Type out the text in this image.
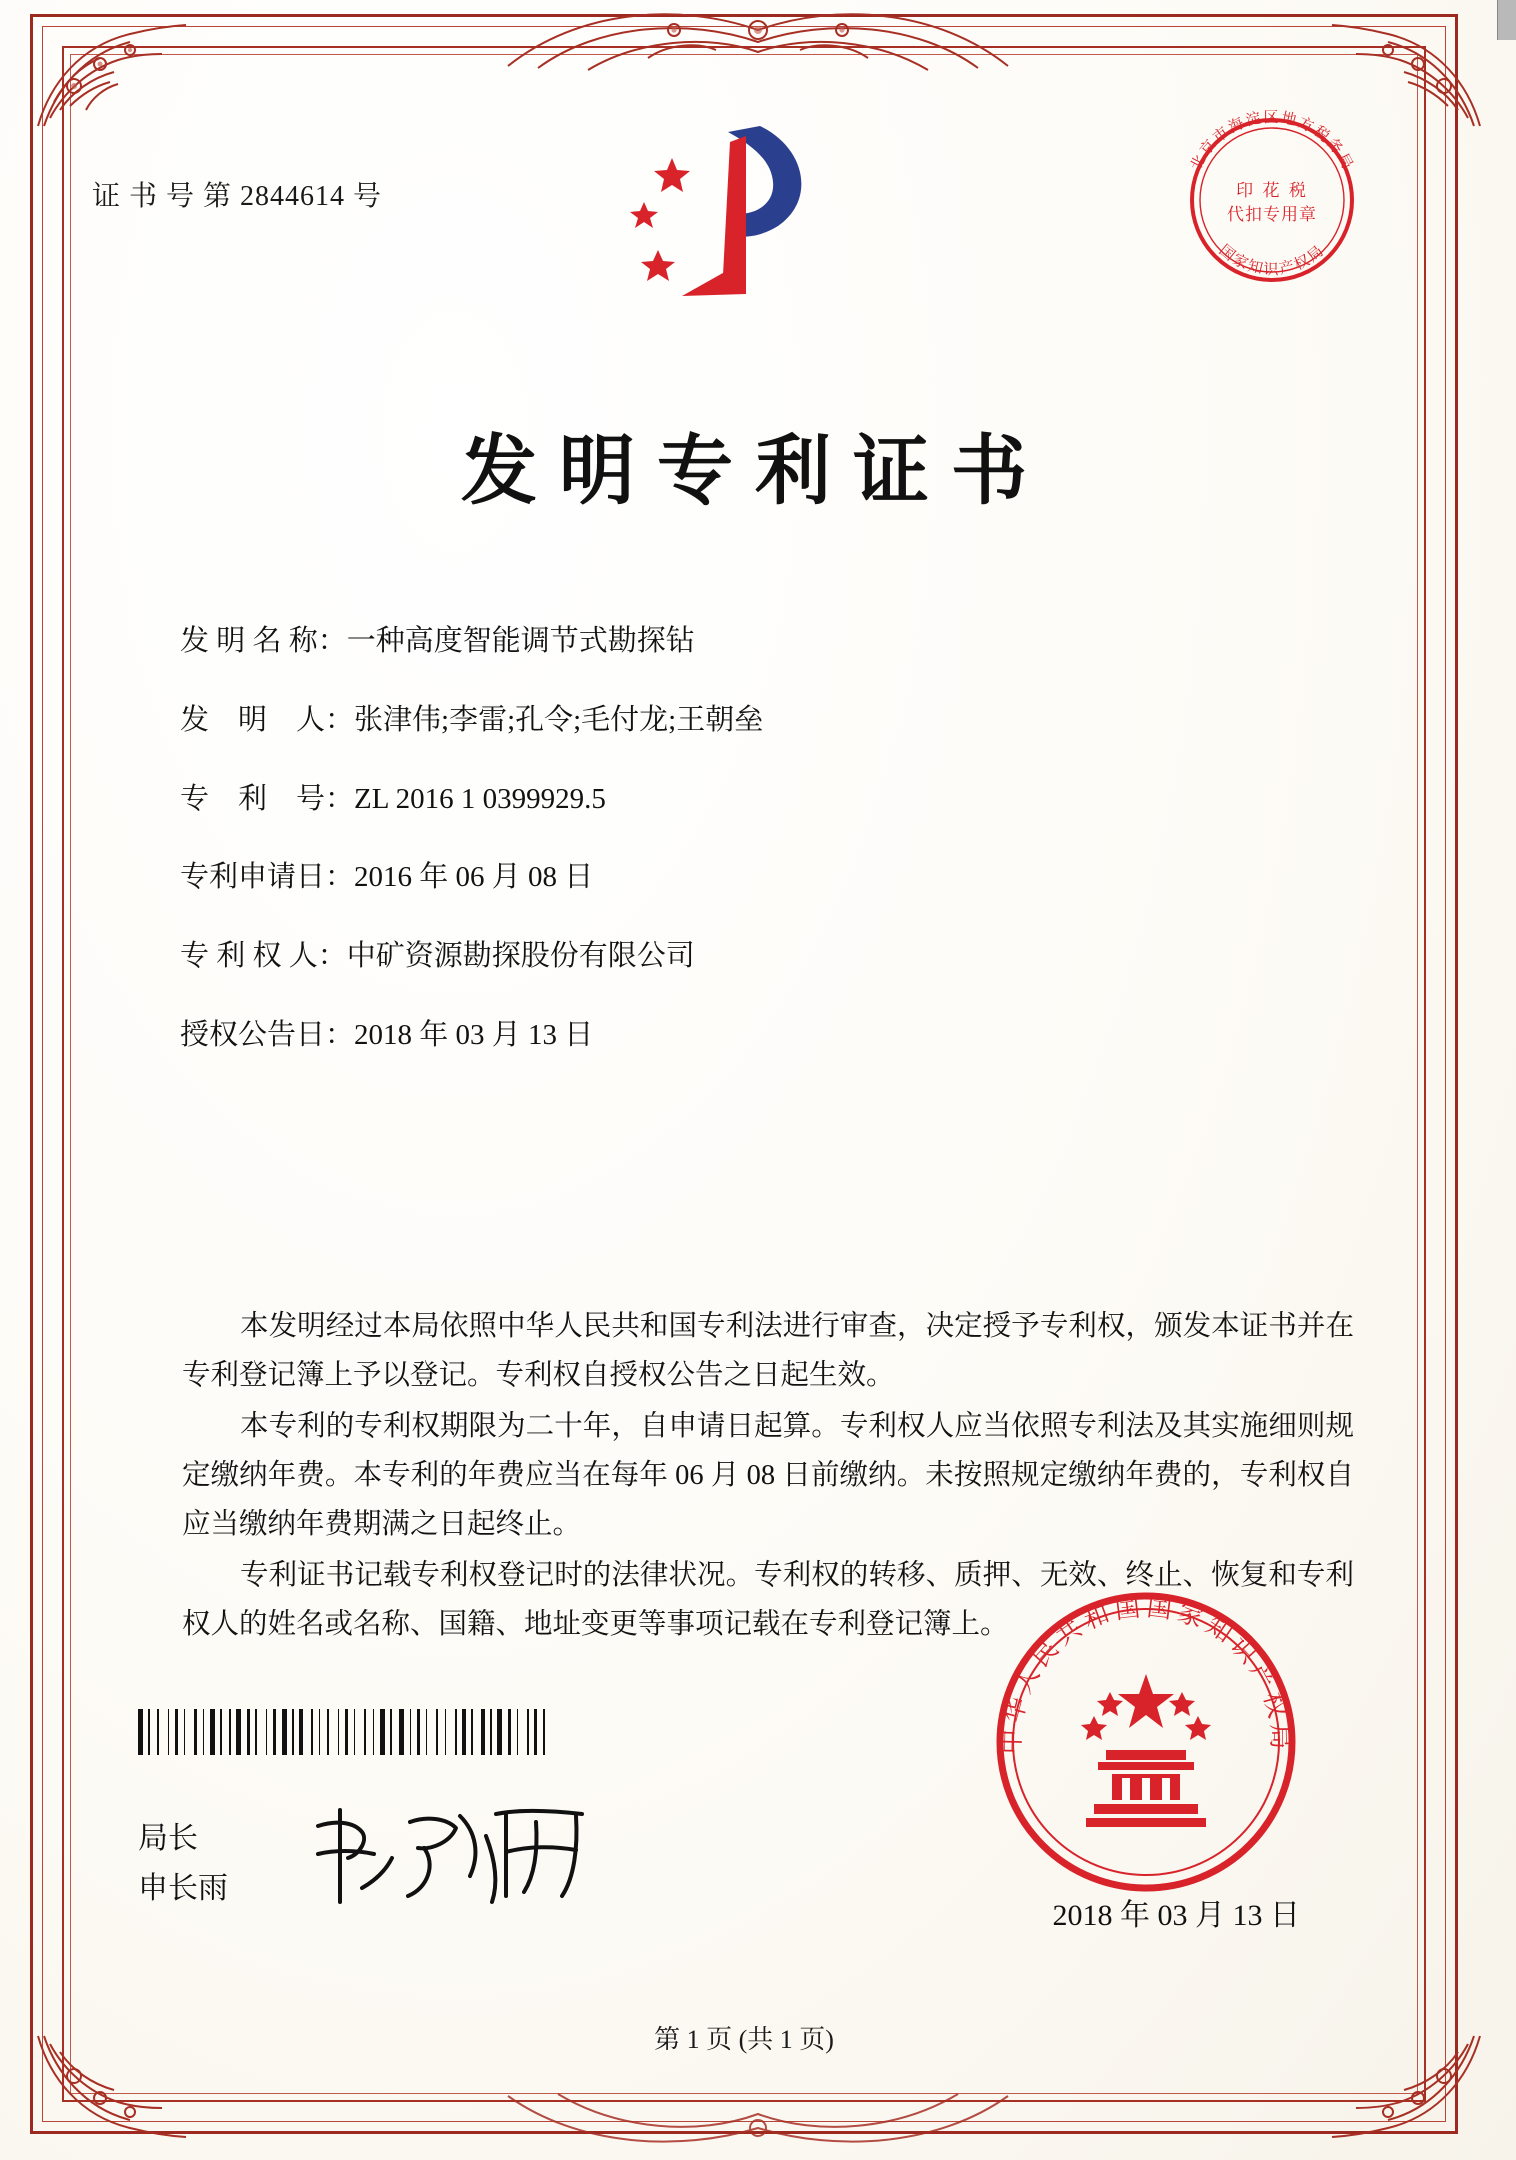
证 书 号 第 2844614 号
北京市海淀区地方税务局
国家知识产权局
印 花 税
代扣专用章
发明专利证书
发 明 名 称：一种高度智能调节式勘探钻
发　明　人：张津伟;李雷;孔令;毛付龙;王朝垒
专　利　号：ZL 2016 1 0399929.5
专利申请日：2016 年 06 月 08 日
专 利 权 人：中矿资源勘探股份有限公司
授权公告日：2018 年 03 月 13 日

本发明经过本局依照中华人民共和国专利法进行审查，决定授予专利权，颁发本证书并在专利登记簿上予以登记。专利权自授权公告之日起生效。

本专利的专利权期限为二十年，自申请日起算。专利权人应当依照专利法及其实施细则规定缴纳年费。本专利的年费应当在每年 06 月 08 日前缴纳。未按照规定缴纳年费的，专利权自应当缴纳年费期满之日起终止。

专利证书记载专利权登记时的法律状况。专利权的转移、质押、无效、终止、恢复和专利权人的姓名或名称、国籍、地址变更等事项记载在专利登记簿上。

局长
申长雨
中华人民共和国国家知识产权局
2018 年 03 月 13 日
第 1 页 (共 1 页)
